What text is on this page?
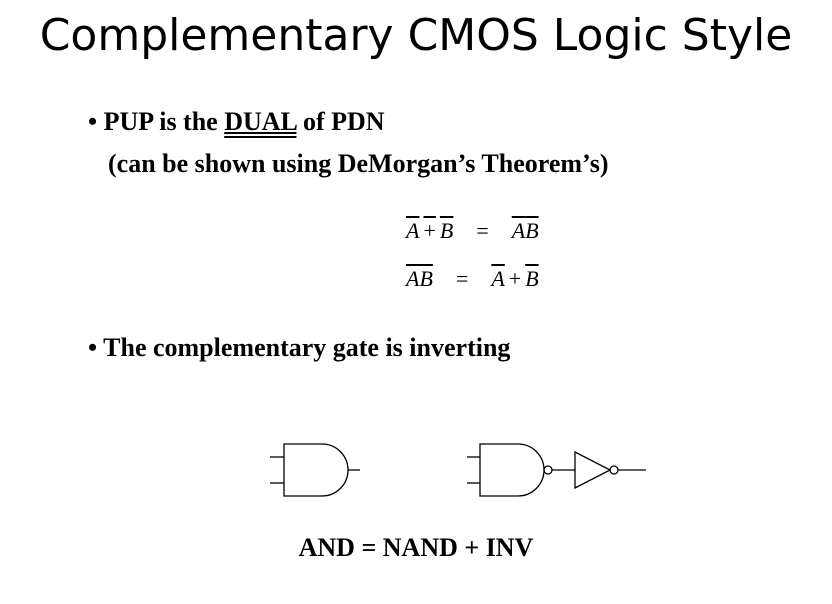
Complementary CMOS Logic Style
• PUP is the DUAL of PDN
(can be shown using DeMorgan’s Theorem’s)
$A + B = \overline{A}\overline{B}$
AB = $\overline{A} + \overline{B}$
• The complementary gate is inverting
AND = NAND + INV
